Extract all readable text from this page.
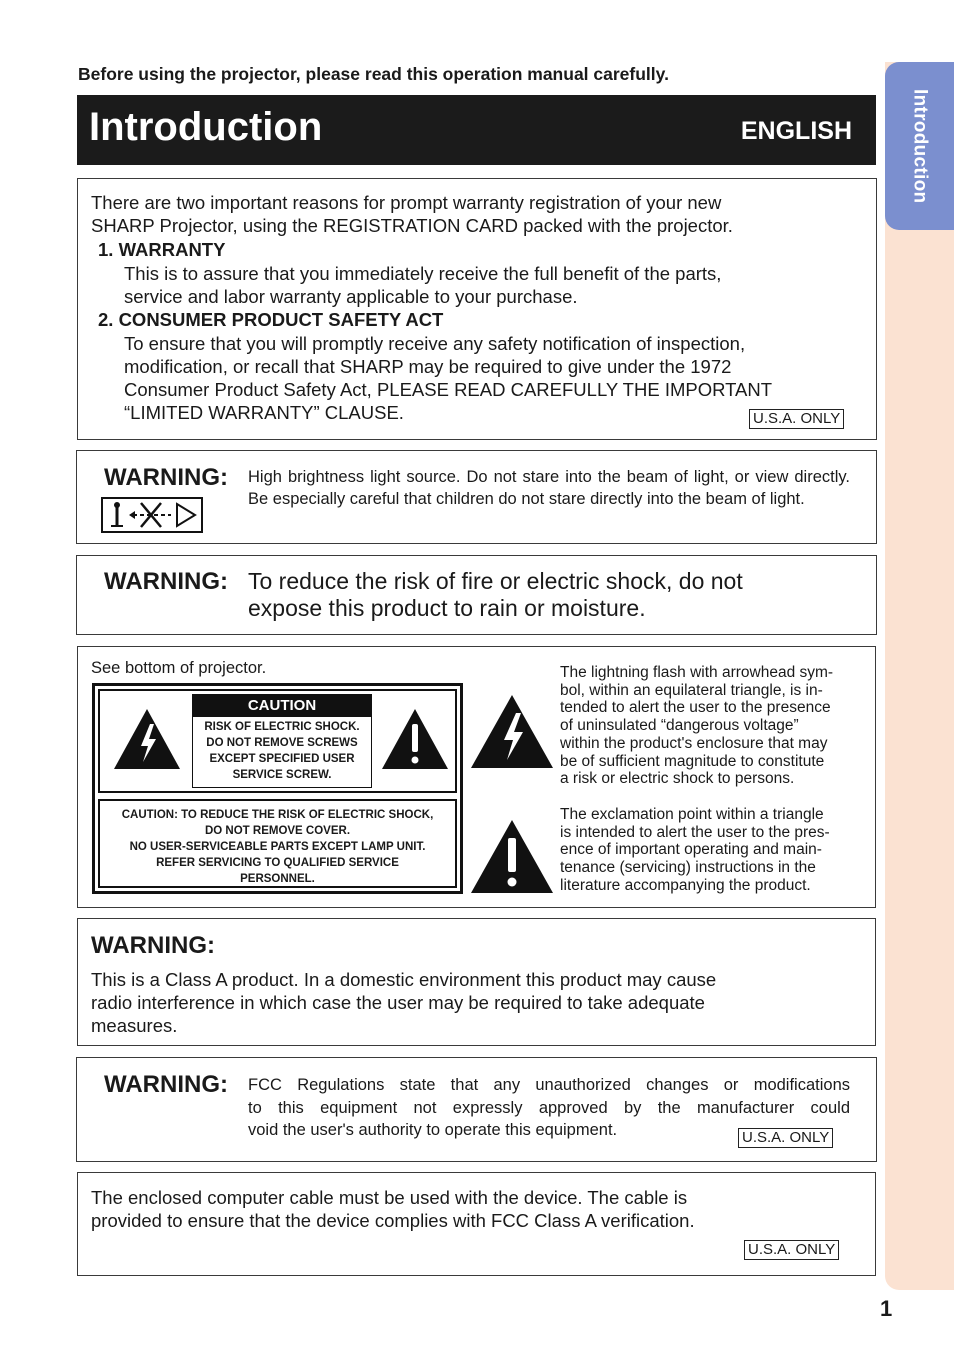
Before using the projector, please read this operation manual carefully.
Introduction	ENGLISH	Introduction
1
There are two important reasons for prompt warranty registration of your new
SHARP Projector, using the REGISTRATION CARD packed with the projector.
1. WARRANTY
This is to assure that you immediately receive the full benefit of the parts,
service and labor warranty applicable to your purchase.
2. CONSUMER PRODUCT SAFETY ACT
To ensure that you will promptly receive any safety notification of inspection,
modification, or recall that SHARP may be required to give under the 1972
Consumer Product Safety Act, PLEASE READ CAREFULLY THE IMPORTANT
“LIMITED WARRANTY” CLAUSE.	U.S.A. ONLY
WARNING: High brightness light source. Do not stare into the beam of light, or view directly. Be especially careful that children do not stare directly into the beam of light.
WARNING: To reduce the risk of fire or electric shock, do not
expose this product to rain or moisture.
See bottom of projector.
CAUTION
RISK OF ELECTRIC SHOCK.
DO NOT REMOVE SCREWS
EXCEPT SPECIFIED USER
SERVICE SCREW.
CAUTION: TO REDUCE THE RISK OF ELECTRIC SHOCK,
DO NOT REMOVE COVER.
NO USER-SERVICEABLE PARTS EXCEPT LAMP UNIT.
REFER SERVICING TO QUALIFIED SERVICE
PERSONNEL.
The lightning flash with arrowhead sym-
bol, within an equilateral triangle, is in-
tended to alert the user to the presence
of uninsulated “dangerous voltage”
within the product's enclosure that may
be of sufficient magnitude to constitute
a risk or electric shock to persons.
The exclamation point within a triangle
is intended to alert the user to the pres-
ence of important operating and main-
tenance (servicing) instructions in the
literature accompanying the product.
WARNING:
This is a Class A product. In a domestic environment this product may cause
radio interference in which case the user may be required to take adequate
measures.
WARNING: FCC Regulations state that any unauthorized changes or modifications
to this equipment not expressly approved by the manufacturer could
void the user's authority to operate this equipment.	U.S.A. ONLY
The enclosed computer cable must be used with the device. The cable is
provided to ensure that the device complies with FCC Class A verification.
U.S.A. ONLY
